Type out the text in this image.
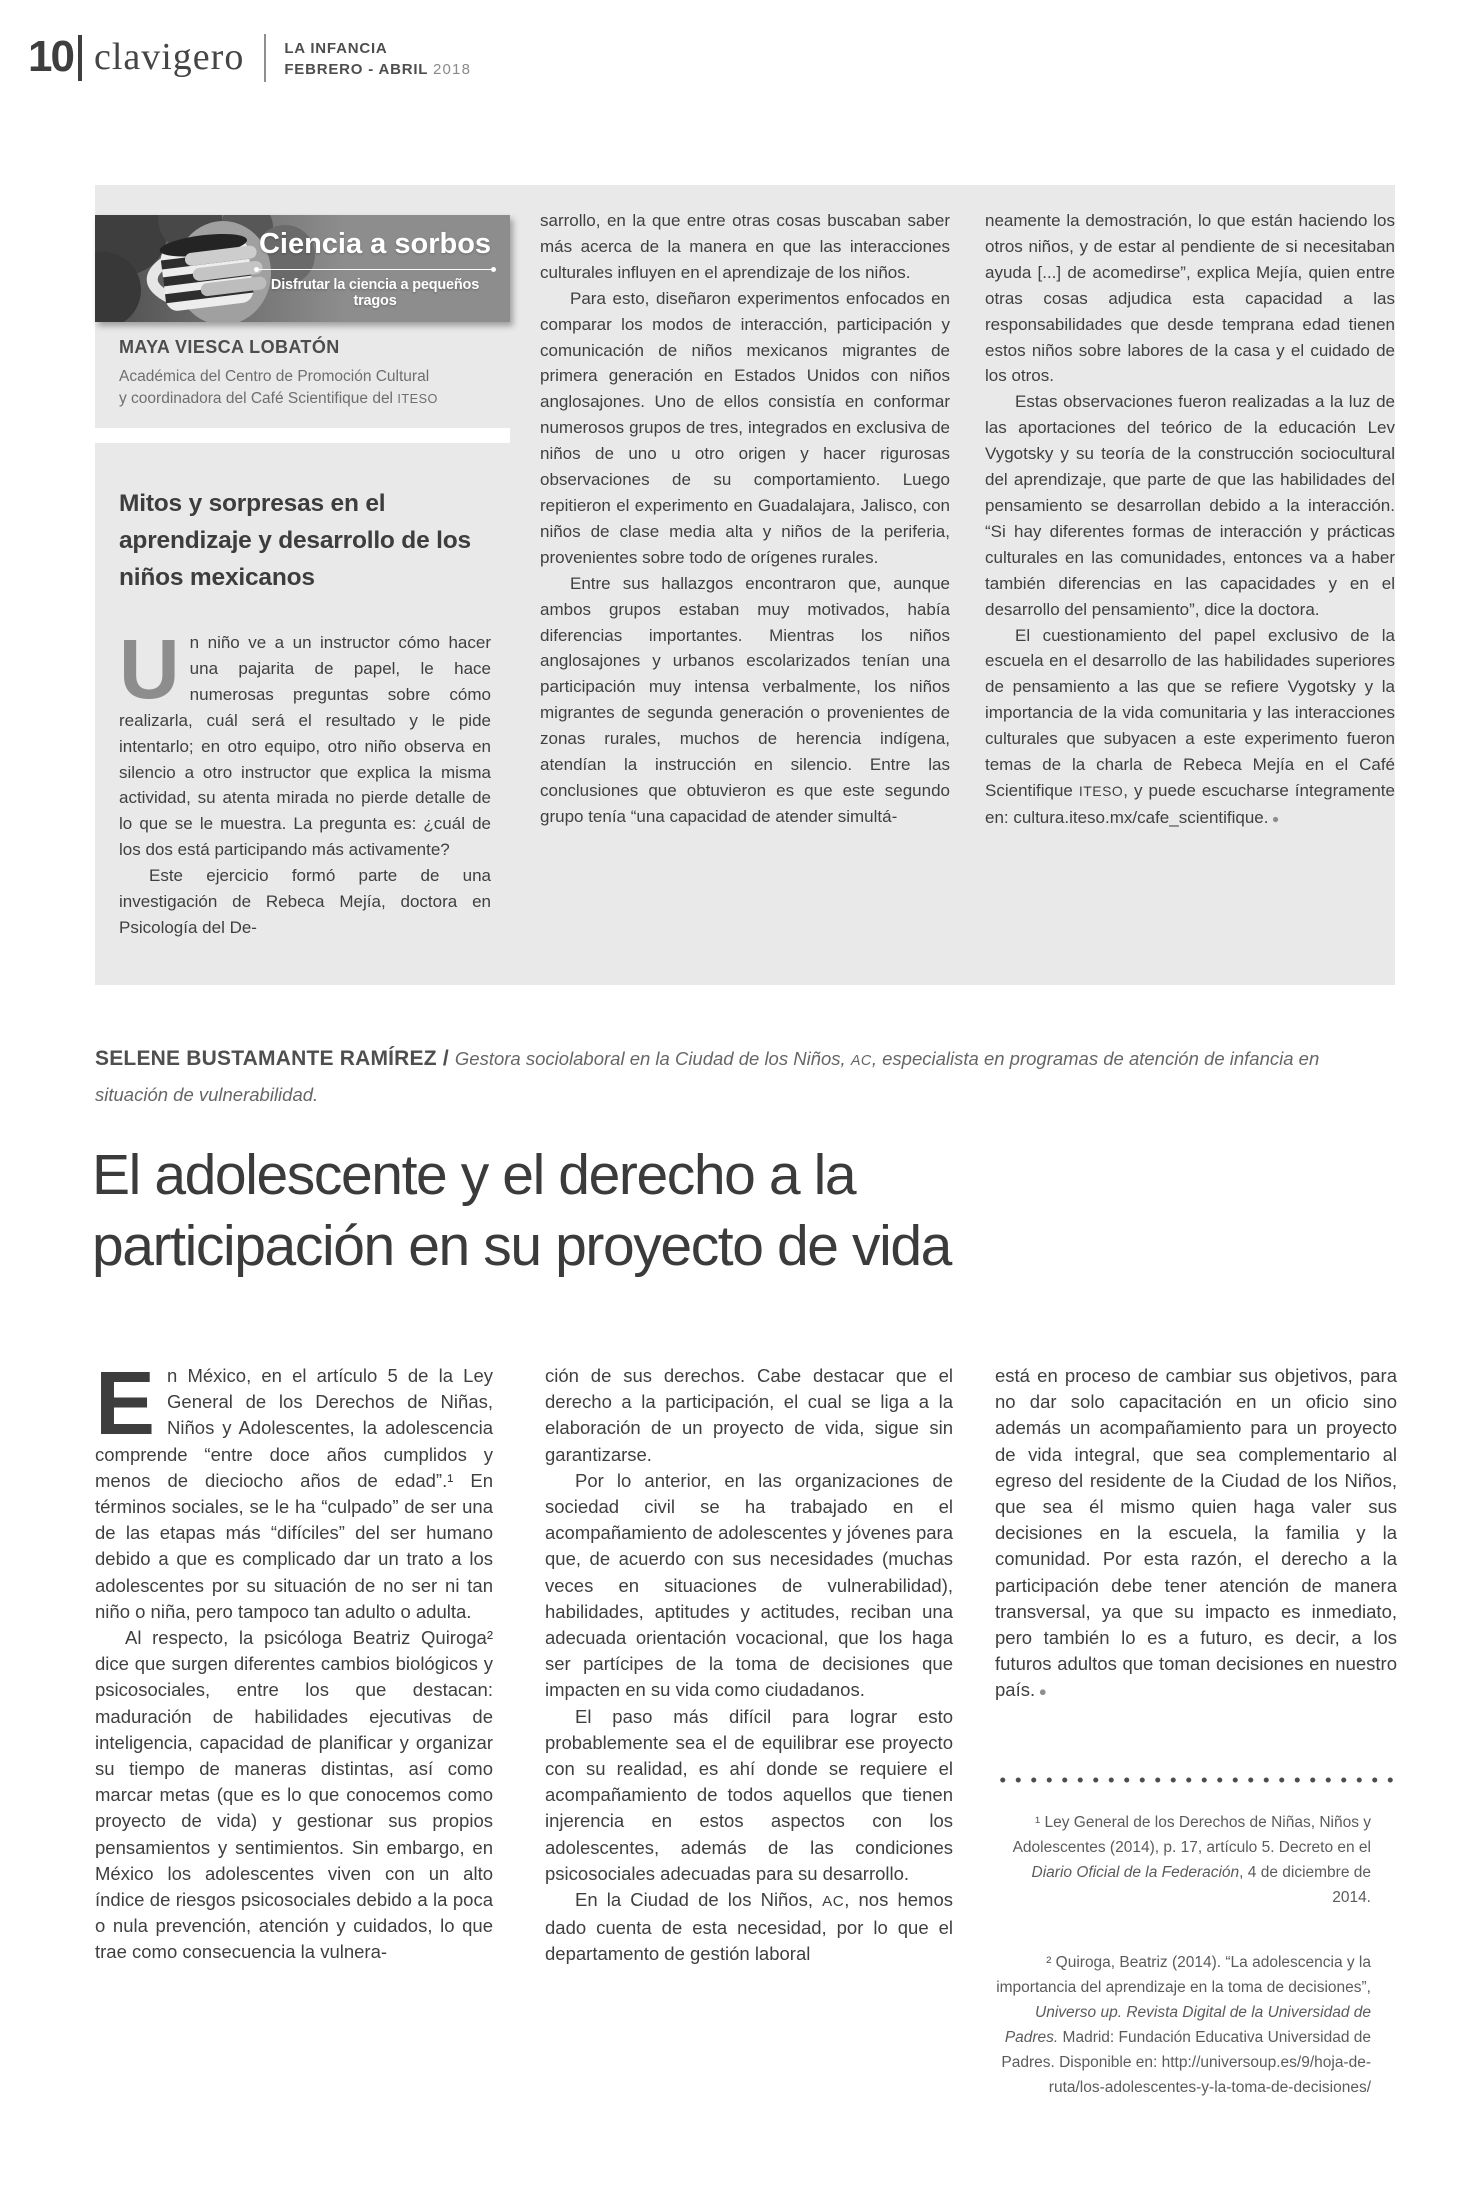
10 clavigero	LA INFANCIA
FEBRERO - ABRIL 2018
Ciencia a sorbos
Disfrutar la ciencia a pequeños tragos
MAYA VIESCA LOBATÓN
Académica del Centro de Promoción Cultural
y coordinadora del Café Scientifique del ITESO
Mitos y sorpresas en el aprendizaje y desarrollo de los niños mexicanos

Un niño ve a un instructor cómo hacer una pajarita de papel, le hace numerosas preguntas sobre cómo realizarla, cuál será el resultado y le pide intentarlo; en otro equipo, otro niño observa en silencio a otro instructor que explica la misma actividad, su atenta mirada no pierde detalle de lo que se le muestra. La pregunta es: ¿cuál de los dos está participando más activamente?

Este ejercicio formó parte de una investigación de Rebeca Mejía, doctora en Psicología del De-

sarrollo, en la que entre otras cosas buscaban saber más acerca de la manera en que las interacciones culturales influyen en el aprendizaje de los niños.

Para esto, diseñaron experimentos enfocados en comparar los modos de interacción, participación y comunicación de niños mexicanos migrantes de primera generación en Estados Unidos con niños anglosajones. Uno de ellos consistía en conformar numerosos grupos de tres, integrados en exclusiva de niños de uno u otro origen y hacer rigurosas observaciones de su comportamiento. Luego repitieron el experimento en Guadalajara, Jalisco, con niños de clase media alta y niños de la periferia, provenientes sobre todo de orígenes rurales.

Entre sus hallazgos encontraron que, aunque ambos grupos estaban muy motivados, había diferencias importantes. Mientras los niños anglosajones y urbanos escolarizados tenían una participación muy intensa verbalmente, los niños migrantes de segunda generación o provenientes de zonas rurales, muchos de herencia indígena, atendían la instrucción en silencio. Entre las conclusiones que obtuvieron es que este segundo grupo tenía “una capacidad de atender simultá-

neamente la demostración, lo que están haciendo los otros niños, y de estar al pendiente de si necesitaban ayuda [...] de acomedirse”, explica Mejía, quien entre otras cosas adjudica esta capacidad a las responsabilidades que desde temprana edad tienen estos niños sobre labores de la casa y el cuidado de los otros.

Estas observaciones fueron realizadas a la luz de las aportaciones del teórico de la educación Lev Vygotsky y su teoría de la construcción sociocultural del aprendizaje, que parte de que las habilidades del pensamiento se desarrollan debido a la interacción. “Si hay diferentes formas de interacción y prácticas culturales en las comunidades, entonces va a haber también diferencias en las capacidades y en el desarrollo del pensamiento”, dice la doctora.

El cuestionamiento del papel exclusivo de la escuela en el desarrollo de las habilidades superiores de pensamiento a las que se refiere Vygotsky y la importancia de la vida comunitaria y las interacciones culturales que subyacen a este experimento fueron temas de la charla de Rebeca Mejía en el Café Scientifique ITESO, y puede escucharse íntegramente en: cultura.iteso.mx/cafe_scientifique. ●

SELENE BUSTAMANTE RAMÍREZ / Gestora sociolaboral en la Ciudad de los Niños, AC, especialista en programas de atención de infancia en situación de vulnerabilidad.

El adolescente y el derecho a la
participación en su proyecto de vida

En México, en el artículo 5 de la Ley General de los Derechos de Niñas, Niños y Adolescentes, la adolescencia comprende “entre doce años cumplidos y menos de dieciocho años de edad”.¹ En términos sociales, se le ha “culpado” de ser una de las etapas más “difíciles” del ser humano debido a que es complicado dar un trato a los adolescentes por su situación de no ser ni tan niño o niña, pero tampoco tan adulto o adulta.

Al respecto, la psicóloga Beatriz Quiroga² dice que surgen diferentes cambios biológicos y psicosociales, entre los que destacan: maduración de habilidades ejecutivas de inteligencia, capacidad de planificar y organizar su tiempo de maneras distintas, así como marcar metas (que es lo que conocemos como proyecto de vida) y gestionar sus propios pensamientos y sentimientos. Sin embargo, en México los adolescentes viven con un alto índice de riesgos psicosociales debido a la poca o nula prevención, atención y cuidados, lo que trae como consecuencia la vulnera-

ción de sus derechos. Cabe destacar que el derecho a la participación, el cual se liga a la elaboración de un proyecto de vida, sigue sin garantizarse.

Por lo anterior, en las organizaciones de sociedad civil se ha trabajado en el acompañamiento de adolescentes y jóvenes para que, de acuerdo con sus necesidades (muchas veces en situaciones de vulnerabilidad), habilidades, aptitudes y actitudes, reciban una adecuada orientación vocacional, que los haga ser partícipes de la toma de decisiones que impacten en su vida como ciudadanos.

El paso más difícil para lograr esto probablemente sea el de equilibrar ese proyecto con su realidad, es ahí donde se requiere el acompañamiento de todos aquellos que tienen injerencia en estos aspectos con los adolescentes, además de las condiciones psicosociales adecuadas para su desarrollo.

En la Ciudad de los Niños, AC, nos hemos dado cuenta de esta necesidad, por lo que el departamento de gestión laboral

está en proceso de cambiar sus objetivos, para no dar solo capacitación en un oficio sino además un acompañamiento para un proyecto de vida integral, que sea complementario al egreso del residente de la Ciudad de los Niños, que sea él mismo quien haga valer sus decisiones en la escuela, la familia y la comunidad. Por esta razón, el derecho a la participación debe tener atención de manera transversal, ya que su impacto es inmediato, pero también lo es a futuro, es decir, a los futuros adultos que toman decisiones en nuestro país. ●

¹ Ley General de los Derechos de Niñas, Niños y Adolescentes (2014), p. 17, artículo 5. Decreto en el Diario Oficial de la Federación, 4 de diciembre de 2014.
² Quiroga, Beatriz (2014). “La adolescencia y la importancia del aprendizaje en la toma de decisiones”, Universo up. Revista Digital de la Universidad de Padres. Madrid: Fundación Educativa Universidad de Padres. Disponible en: http://universoup.es/9/hoja-de-ruta/los-adolescentes-y-la-toma-de-decisiones/
